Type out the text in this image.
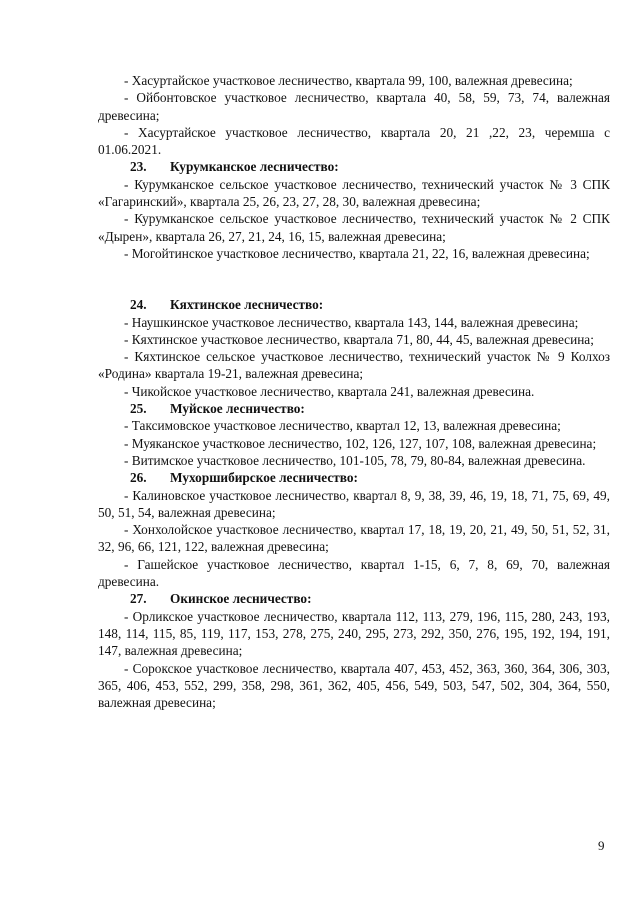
- Хасуртайское участковое лесничество, квартала 99, 100, валежная древесина;

- Ойбонтовское участковое лесничество, квартала 40, 58, 59, 73, 74, валежная древесина;

- Хасуртайское участковое лесничество, квартала 20, 21 ,22, 23, черемша с 01.06.2021.

23.	Курумканское лесничество:

- Курумканское сельское участковое лесничество, технический участок № 3 СПК «Гагаринский», квартала 25, 26, 23, 27, 28, 30, валежная древесина;

- Курумканское сельское участковое лесничество, технический участок № 2 СПК «Дырен», квартала 26, 27, 21, 24, 16, 15, валежная древесина;

- Могойтинское участковое лесничество, квартала 21, 22, 16, валежная древесина;

24.	Кяхтинское лесничество:

- Наушкинское участковое лесничество, квартала 143, 144, валежная древесина;

- Кяхтинское участковое лесничество, квартала 71, 80, 44, 45, валежная древесина;

- Кяхтинское сельское участковое лесничество, технический участок № 9 Колхоз «Родина» квартала 19-21, валежная древесина;

- Чикойское участковое лесничество, квартала 241, валежная древесина.

25.	Муйское лесничество:

- Таксимовское участковое лесничество, квартал 12, 13, валежная древесина;

- Муяканское участковое лесничество, 102, 126, 127, 107, 108, валежная древесина;

- Витимское участковое лесничество, 101-105, 78, 79, 80-84, валежная древесина.

26.	Мухоршибирское лесничество:

- Калиновское участковое лесничество, квартал 8, 9, 38, 39, 46, 19, 18, 71, 75, 69, 49, 50, 51, 54, валежная древесина;

- Хонхолойское участковое лесничество, квартал 17, 18, 19, 20, 21, 49, 50, 51, 52, 31, 32, 96, 66, 121, 122, валежная древесина;

- Гашейское участковое лесничество, квартал 1-15, 6, 7, 8, 69, 70, валежная древесина.

27.	Окинское лесничество:

- Орликское участковое лесничество, квартала 112, 113, 279, 196, 115, 280, 243, 193, 148, 114, 115, 85, 119, 117, 153, 278, 275, 240, 295, 273, 292, 350, 276, 195, 192, 194, 191, 147, валежная древесина;

- Сорокское участковое лесничество, квартала 407, 453, 452, 363, 360, 364, 306, 303, 365, 406, 453, 552, 299, 358, 298, 361, 362, 405, 456, 549, 503, 547, 502, 304, 364, 550, валежная древесина;

9
